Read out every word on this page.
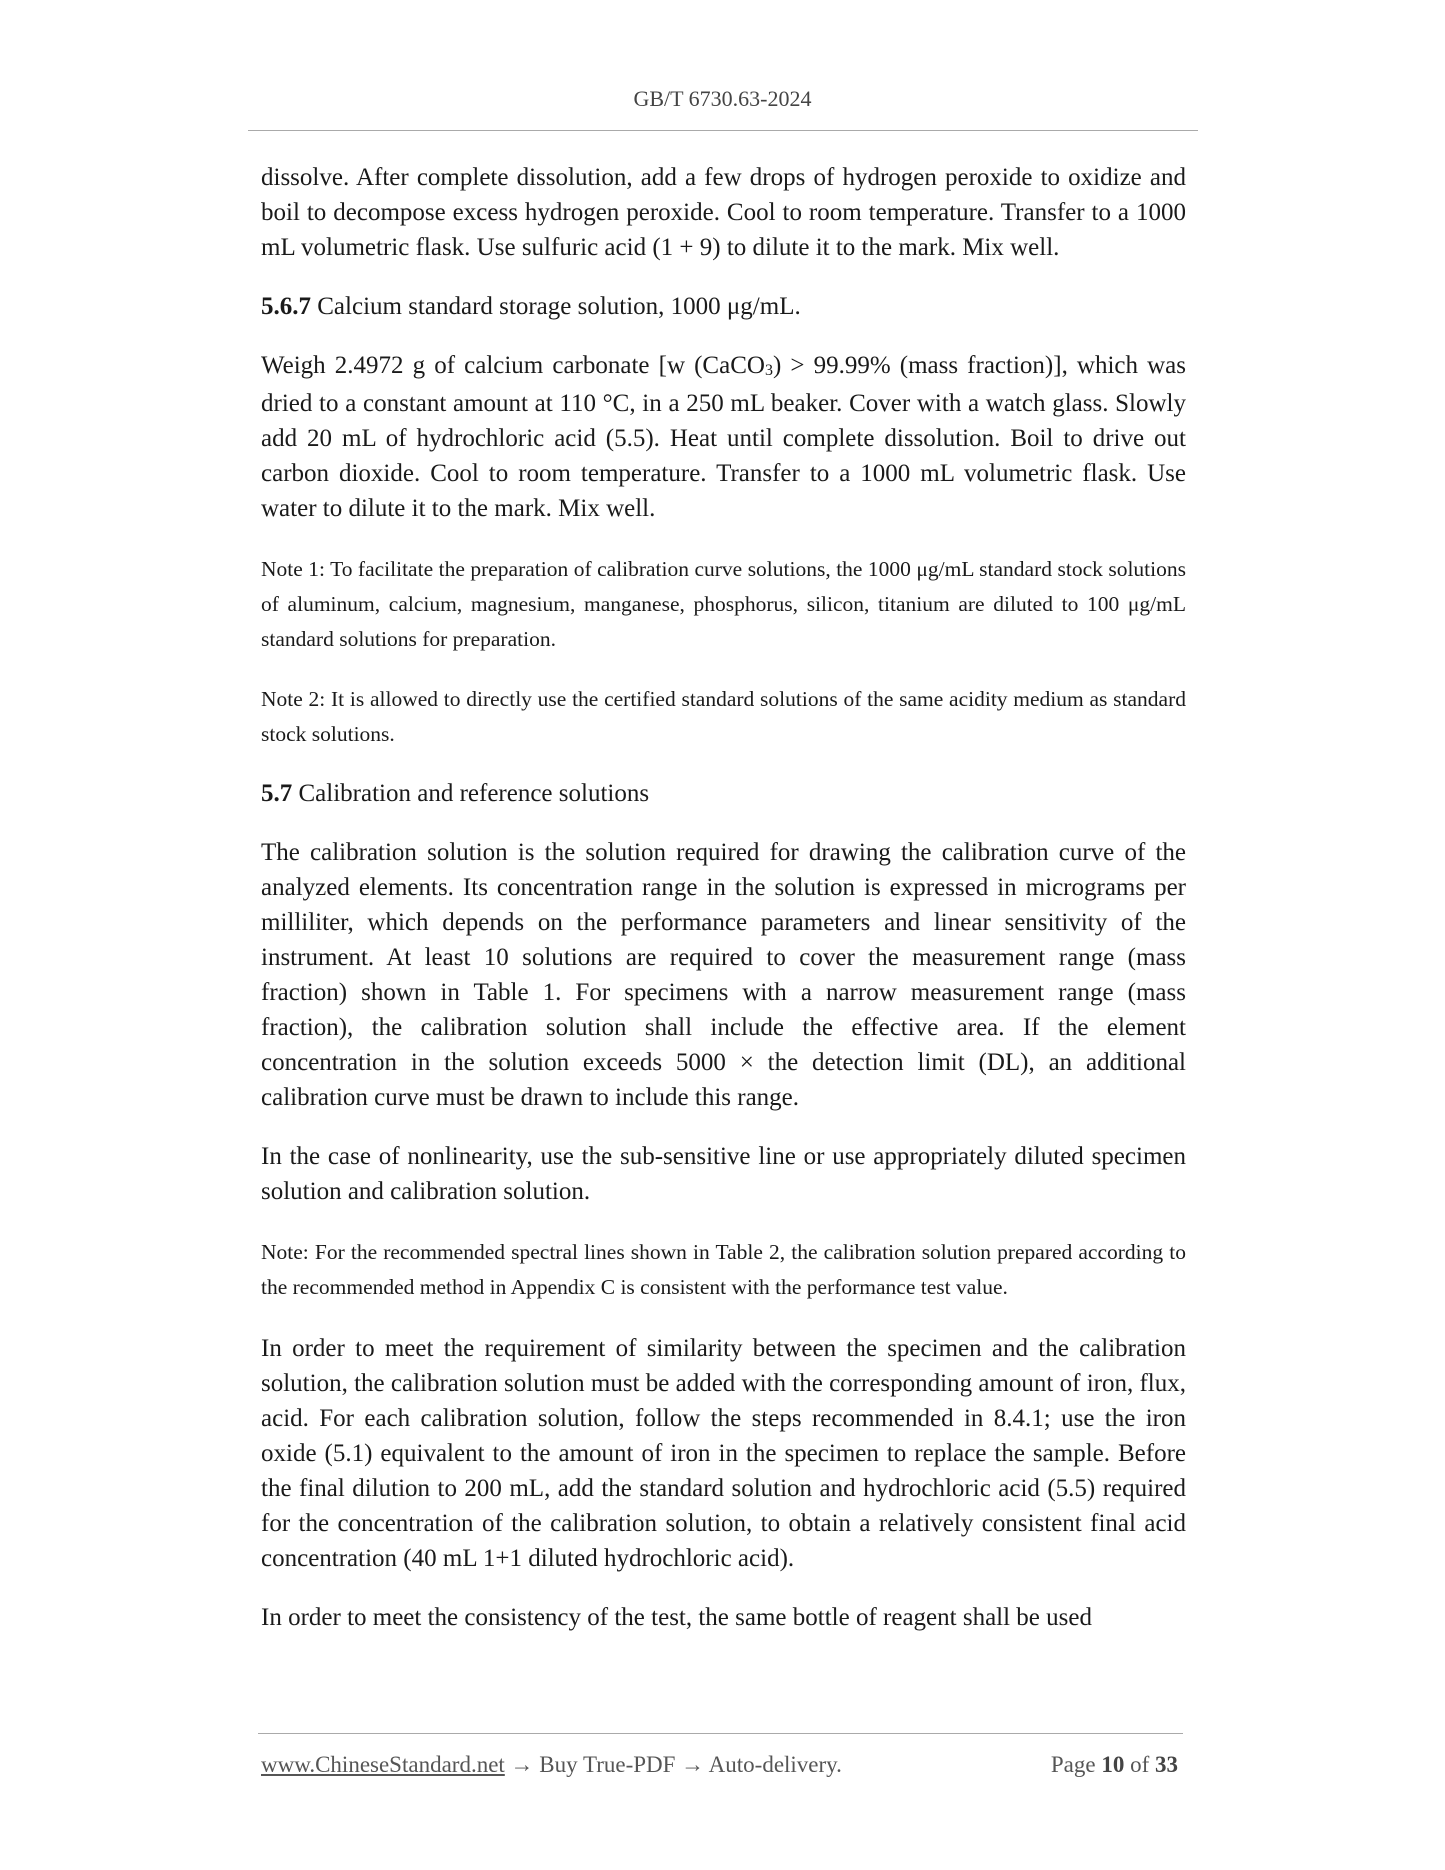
GB/T 6730.63-2024

dissolve. After complete dissolution, add a few drops of hydrogen peroxide to oxidize and boil to decompose excess hydrogen peroxide. Cool to room temperature. Transfer to a 1000 mL volumetric flask. Use sulfuric acid (1 + 9) to dilute it to the mark. Mix well.

5.6.7 Calcium standard storage solution, 1000 μg/mL.

Weigh 2.4972 g of calcium carbonate [w (CaCO$_3$) > 99.99% (mass fraction)], which was dried to a constant amount at 110 °C, in a 250 mL beaker. Cover with a watch glass. Slowly add 20 mL of hydrochloric acid (5.5). Heat until complete dissolution. Boil to drive out carbon dioxide. Cool to room temperature. Transfer to a 1000 mL volumetric flask. Use water to dilute it to the mark. Mix well.

Note 1: To facilitate the preparation of calibration curve solutions, the 1000 μg/mL standard stock solutions of aluminum, calcium, magnesium, manganese, phosphorus, silicon, titanium are diluted to 100 μg/mL standard solutions for preparation.

Note 2: It is allowed to directly use the certified standard solutions of the same acidity medium as standard stock solutions.

5.7 Calibration and reference solutions

The calibration solution is the solution required for drawing the calibration curve of the analyzed elements. Its concentration range in the solution is expressed in micrograms per milliliter, which depends on the performance parameters and linear sensitivity of the instrument. At least 10 solutions are required to cover the measurement range (mass fraction) shown in Table 1. For specimens with a narrow measurement range (mass fraction), the calibration solution shall include the effective area. If the element concentration in the solution exceeds 5000 × the detection limit (DL), an additional calibration curve must be drawn to include this range.

In the case of nonlinearity, use the sub-sensitive line or use appropriately diluted specimen solution and calibration solution.

Note: For the recommended spectral lines shown in Table 2, the calibration solution prepared according to the recommended method in Appendix C is consistent with the performance test value.

In order to meet the requirement of similarity between the specimen and the calibration solution, the calibration solution must be added with the corresponding amount of iron, flux, acid. For each calibration solution, follow the steps recommended in 8.4.1; use the iron oxide (5.1) equivalent to the amount of iron in the specimen to replace the sample. Before the final dilution to 200 mL, add the standard solution and hydrochloric acid (5.5) required for the concentration of the calibration solution, to obtain a relatively consistent final acid concentration (40 mL 1+1 diluted hydrochloric acid).

In order to meet the consistency of the test, the same bottle of reagent shall be used

www.ChineseStandard.net → Buy True-PDF → Auto-delivery.	Page 10 of 33
